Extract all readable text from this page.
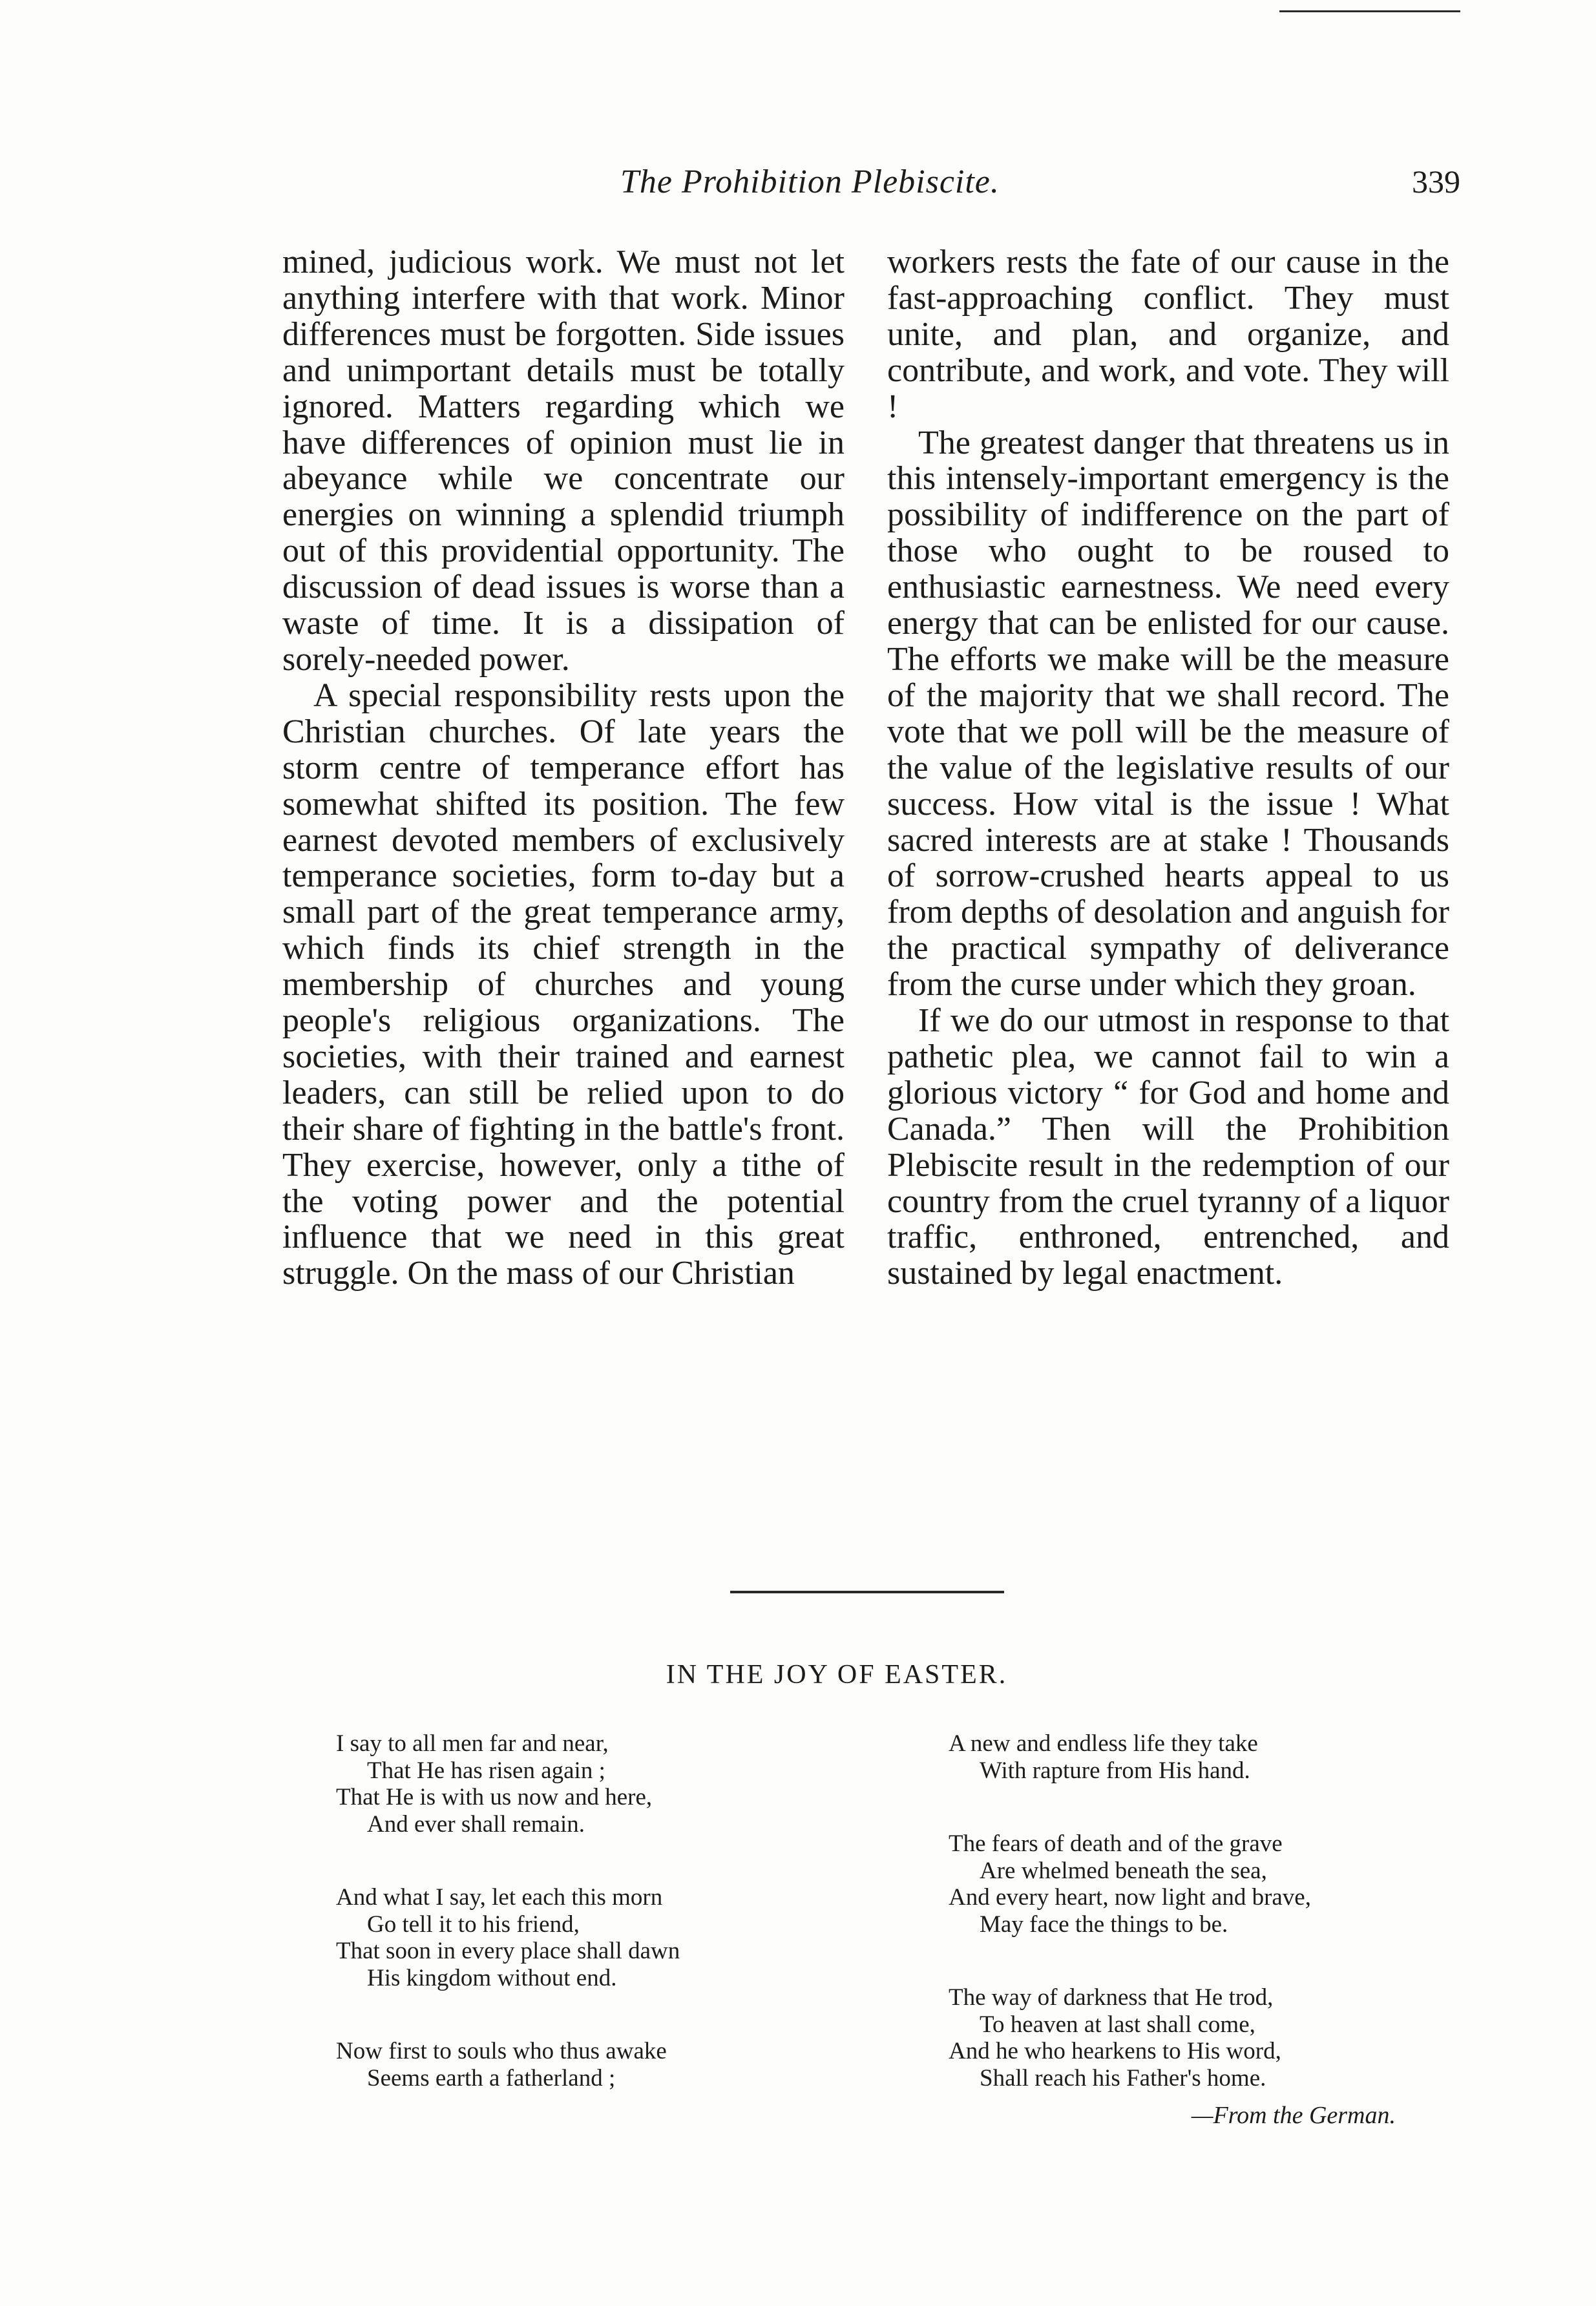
The Prohibition Plebiscite.	339

mined, judicious work. We must not let anything interfere with that work. Minor differences must be forgotten. Side issues and unimportant details must be totally ignored. Matters regarding which we have differences of opinion must lie in abeyance while we concentrate our energies on winning a splendid triumph out of this providential opportunity. The discussion of dead issues is worse than a waste of time. It is a dissipation of sorely-needed power.

A special responsibility rests upon the Christian churches. Of late years the storm centre of temperance effort has somewhat shifted its position. The few earnest devoted members of exclusively temperance societies, form to-day but a small part of the great temperance army, which finds its chief strength in the membership of churches and young people's religious organizations. The societies, with their trained and earnest leaders, can still be relied upon to do their share of fighting in the battle's front. They exercise, however, only a tithe of the voting power and the potential influence that we need in this great struggle. On the mass of our Christian

workers rests the fate of our cause in the fast-approaching conflict. They must unite, and plan, and organize, and contribute, and work, and vote. They will !

The greatest danger that threatens us in this intensely-important emergency is the possibility of indifference on the part of those who ought to be roused to enthusiastic earnestness. We need every energy that can be enlisted for our cause. The efforts we make will be the measure of the majority that we shall record. The vote that we poll will be the measure of the value of the legislative results of our success. How vital is the issue ! What sacred interests are at stake ! Thousands of sorrow-crushed hearts appeal to us from depths of desolation and anguish for the practical sympathy of deliverance from the curse under which they groan.

If we do our utmost in response to that pathetic plea, we cannot fail to win a glorious victory “ for God and home and Canada.” Then will the Prohibition Plebiscite result in the redemption of our country from the cruel tyranny of a liquor traffic, enthroned, entrenched, and sustained by legal enactment.

IN THE JOY OF EASTER.
I say to all men far and near,
That He has risen again ;
That He is with us now and here,
And ever shall remain.
And what I say, let each this morn
Go tell it to his friend,
That soon in every place shall dawn
His kingdom without end.
Now first to souls who thus awake
Seems earth a fatherland ;
A new and endless life they take
With rapture from His hand.
The fears of death and of the grave
Are whelmed beneath the sea,
And every heart, now light and brave,
May face the things to be.
The way of darkness that He trod,
To heaven at last shall come,
And he who hearkens to His word,
Shall reach his Father's home.
—From the German.
